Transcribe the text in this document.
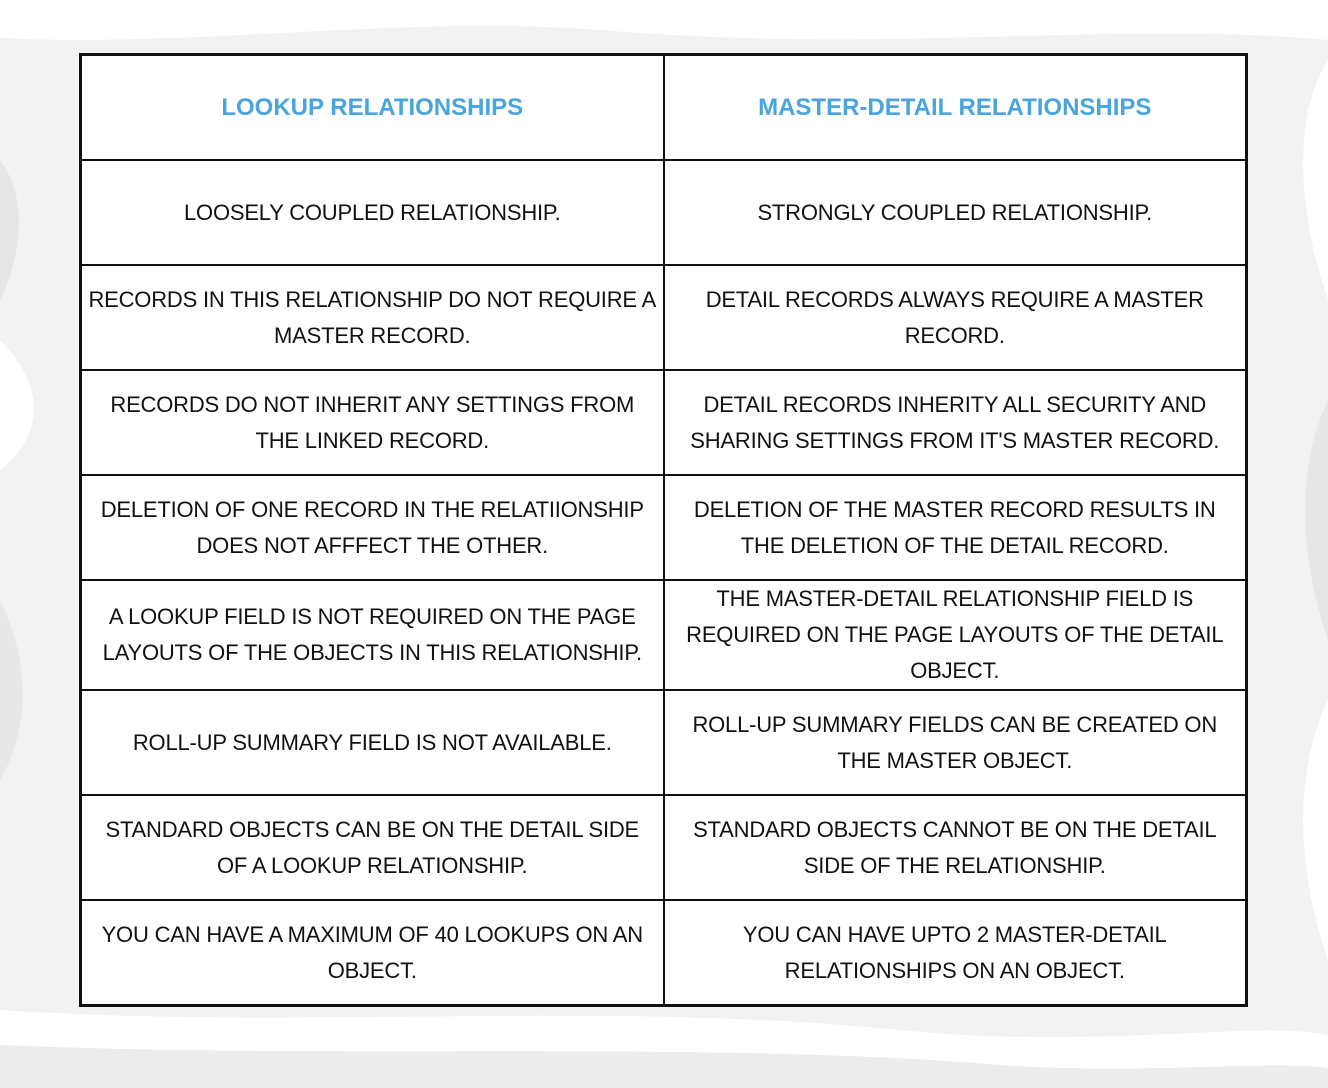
LOOKUP RELATIONSHIPS	MASTER-DETAIL RELATIONSHIPS
LOOSELY COUPLED RELATIONSHIP.	STRONGLY COUPLED RELATIONSHIP.
RECORDS IN THIS RELATIONSHIP DO NOT REQUIRE A MASTER RECORD.	DETAIL RECORDS ALWAYS REQUIRE A MASTER RECORD.
RECORDS DO NOT INHERIT ANY SETTINGS FROM THE LINKED RECORD.	DETAIL RECORDS INHERITY ALL SECURITY AND SHARING SETTINGS FROM IT'S MASTER RECORD.
DELETION OF ONE RECORD IN THE RELATIIONSHIP DOES NOT AFFFECT THE OTHER.	DELETION OF THE MASTER RECORD RESULTS IN THE DELETION OF THE DETAIL RECORD.
A LOOKUP FIELD IS NOT REQUIRED ON THE PAGE LAYOUTS OF THE OBJECTS IN THIS RELATIONSHIP.	THE MASTER-DETAIL RELATIONSHIP FIELD IS REQUIRED ON THE PAGE LAYOUTS OF THE DETAIL OBJECT.
ROLL-UP SUMMARY FIELD IS NOT AVAILABLE.	ROLL-UP SUMMARY FIELDS CAN BE CREATED ON THE MASTER OBJECT.
STANDARD OBJECTS CAN BE ON THE DETAIL SIDE OF A LOOKUP RELATIONSHIP.	STANDARD OBJECTS CANNOT BE ON THE DETAIL SIDE OF THE RELATIONSHIP.
YOU CAN HAVE A MAXIMUM OF 40 LOOKUPS ON AN OBJECT.	YOU CAN HAVE UPTO 2 MASTER-DETAIL RELATIONSHIPS ON AN OBJECT.
